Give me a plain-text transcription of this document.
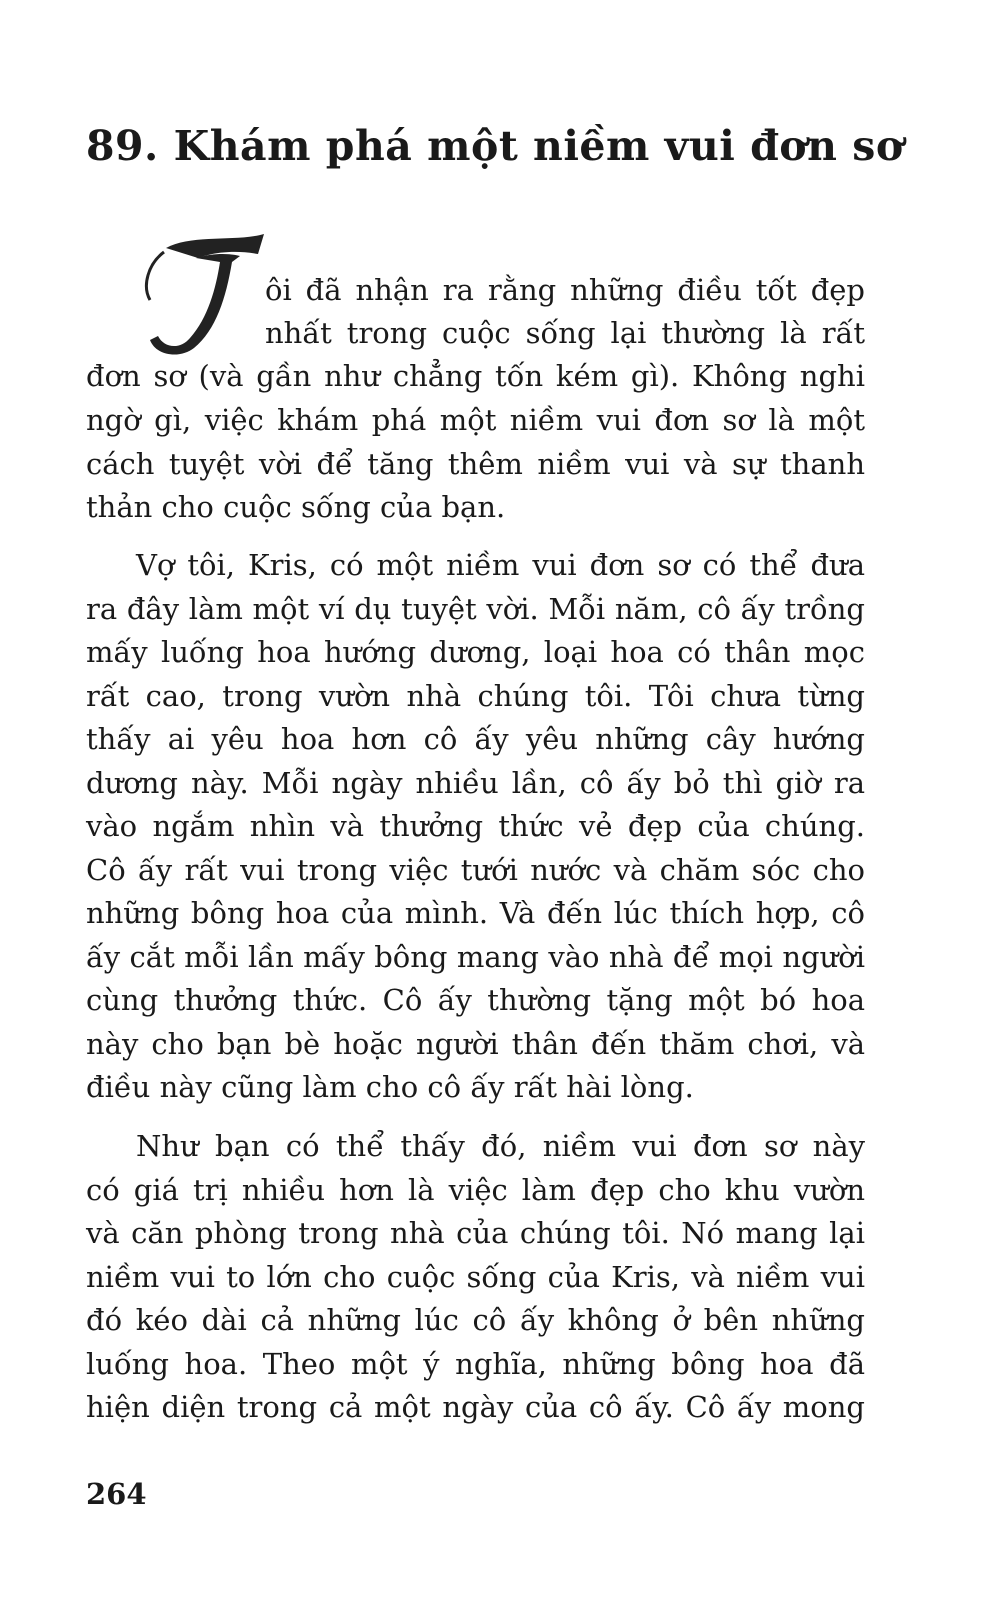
89. Khám phá một niềm vui đơn sơ

ôi đã nhận ra rằng những điều tốt đẹp

nhất trong cuộc sống lại thường là rất

đơn sơ (và gần như chẳng tốn kém gì). Không nghi

ngờ gì, việc khám phá một niềm vui đơn sơ là một

cách tuyệt vời để tăng thêm niềm vui và sự thanh

thản cho cuộc sống của bạn.

Vợ tôi, Kris, có một niềm vui đơn sơ có thể đưa

ra đây làm một ví dụ tuyệt vời. Mỗi năm, cô ấy trồng

mấy luống hoa hướng dương, loại hoa có thân mọc

rất cao, trong vườn nhà chúng tôi. Tôi chưa từng

thấy ai yêu hoa hơn cô ấy yêu những cây hướng

dương này. Mỗi ngày nhiều lần, cô ấy bỏ thì giờ ra

vào ngắm nhìn và thưởng thức vẻ đẹp của chúng.

Cô ấy rất vui trong việc tưới nước và chăm sóc cho

những bông hoa của mình. Và đến lúc thích hợp, cô

ấy cắt mỗi lần mấy bông mang vào nhà để mọi người

cùng thưởng thức. Cô ấy thường tặng một bó hoa

này cho bạn bè hoặc người thân đến thăm chơi, và

điều này cũng làm cho cô ấy rất hài lòng.

Như bạn có thể thấy đó, niềm vui đơn sơ này

có giá trị nhiều hơn là việc làm đẹp cho khu vườn

và căn phòng trong nhà của chúng tôi. Nó mang lại

niềm vui to lớn cho cuộc sống của Kris, và niềm vui

đó kéo dài cả những lúc cô ấy không ở bên những

luống hoa. Theo một ý nghĩa, những bông hoa đã

hiện diện trong cả một ngày của cô ấy. Cô ấy mong

264
